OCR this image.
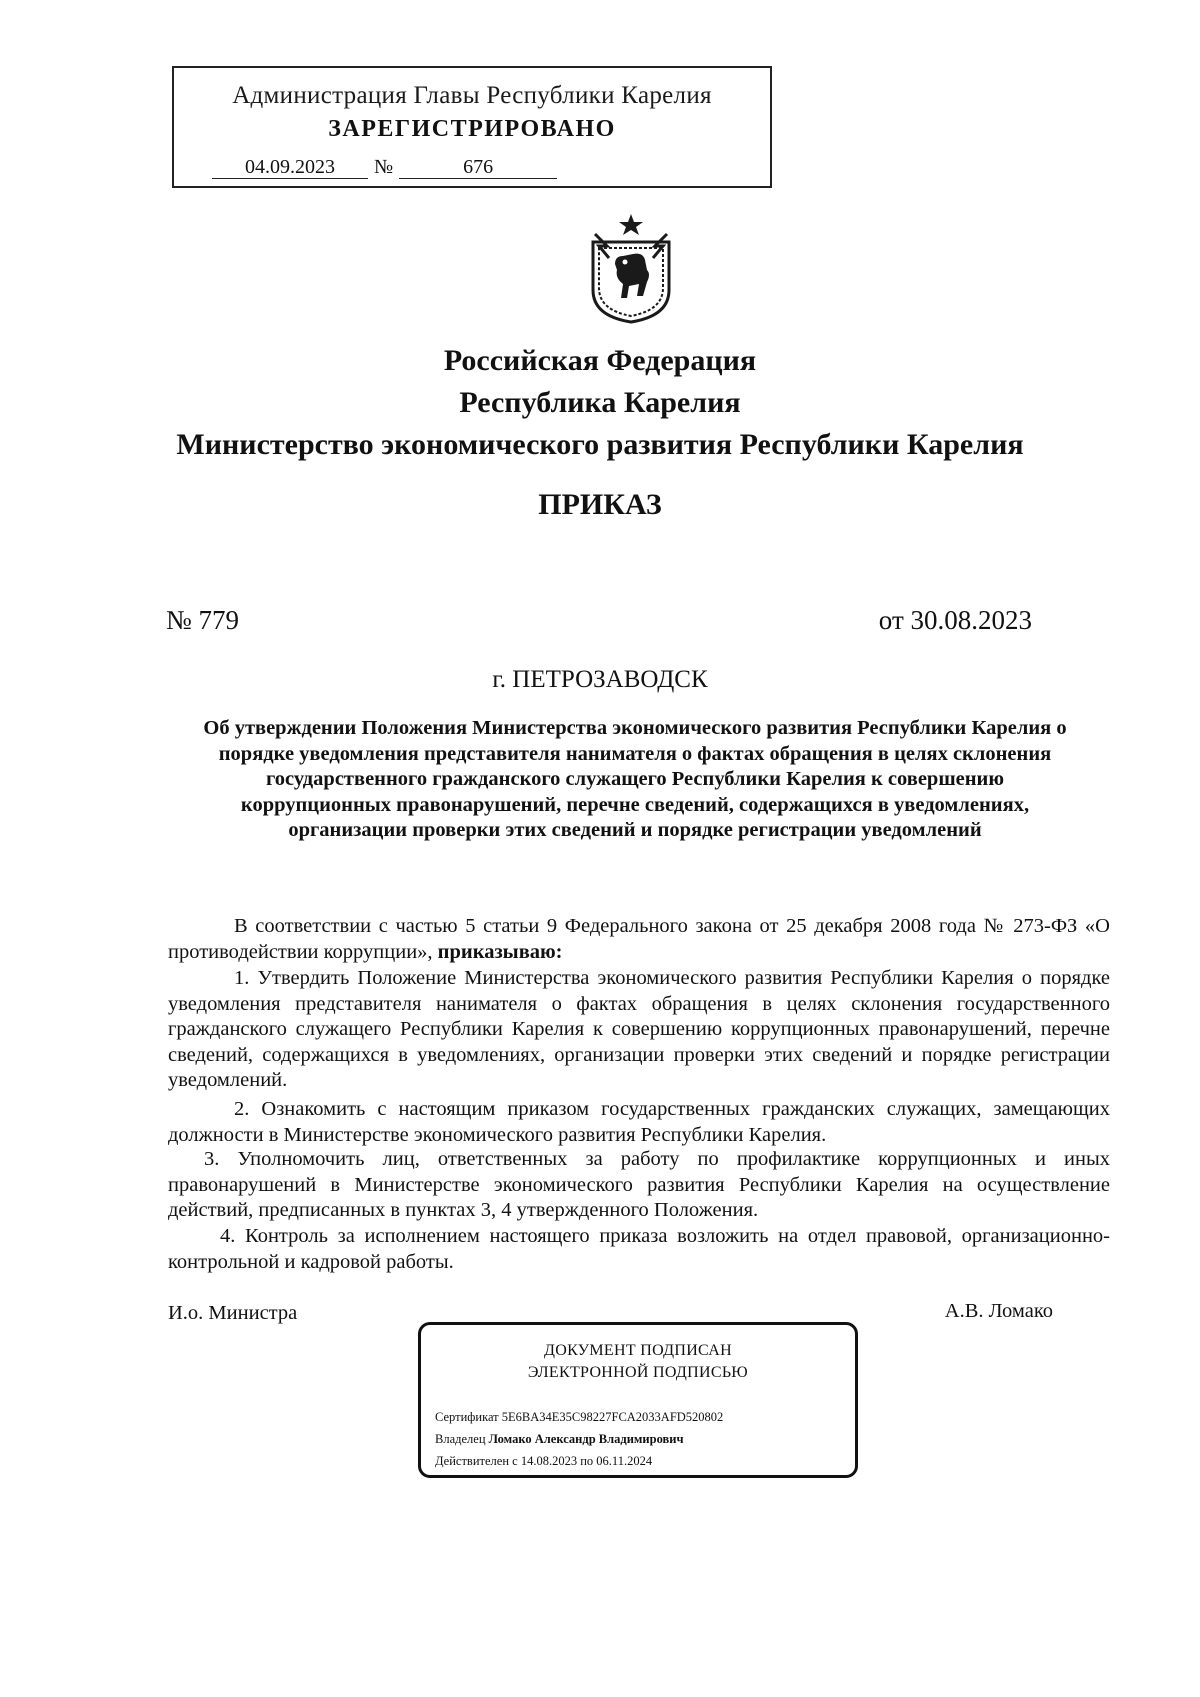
Администрация Главы Республики Карелия
ЗАРЕГИСТРИРОВАНО
04.09.2023 №	676
Российская Федерация
Республика Карелия
Министерство экономического развития Республики Карелия
ПРИКАЗ
№ 779	от 30.08.2023
г. ПЕТРОЗАВОДСК
Об утверждении Положения Министерства экономического развития Республики Карелия о порядке уведомления представителя нанимателя о фактах обращения в целях склонения государственного гражданского служащего Республики Карелия к совершению коррупционных правонарушений, перечне сведений, содержащихся в уведомлениях, организации проверки этих сведений и порядке регистрации уведомлений
В соответствии с частью 5 статьи 9 Федерального закона от 25 декабря 2008 года № 273-ФЗ «О противодействии коррупции», приказываю:
1. Утвердить Положение Министерства экономического развития Республики Карелия о порядке уведомления представителя нанимателя о фактах обращения в целях склонения государственного гражданского служащего Республики Карелия к совершению коррупционных правонарушений, перечне сведений, содержащихся в уведомлениях, организации проверки этих сведений и порядке регистрации уведомлений.
2. Ознакомить с настоящим приказом государственных гражданских служащих, замещающих должности в Министерстве экономического развития Республики Карелия.
3. Уполномочить лиц, ответственных за работу по профилактике коррупционных и иных правонарушений в Министерстве экономического развития Республики Карелия на осуществление действий, предписанных в пунктах 3, 4 утвержденного Положения.
4. Контроль за исполнением настоящего приказа возложить на отдел правовой, организационно-контрольной и кадровой работы.
И.о. Министра	А.В. Ломако
ДОКУМЕНТ ПОДПИСАН
ЭЛЕКТРОННОЙ ПОДПИСЬЮ
Сертификат 5E6BA34E35C98227FCA2033AFD520802
Владелец Ломако Александр Владимирович
Действителен с 14.08.2023 по 06.11.2024
